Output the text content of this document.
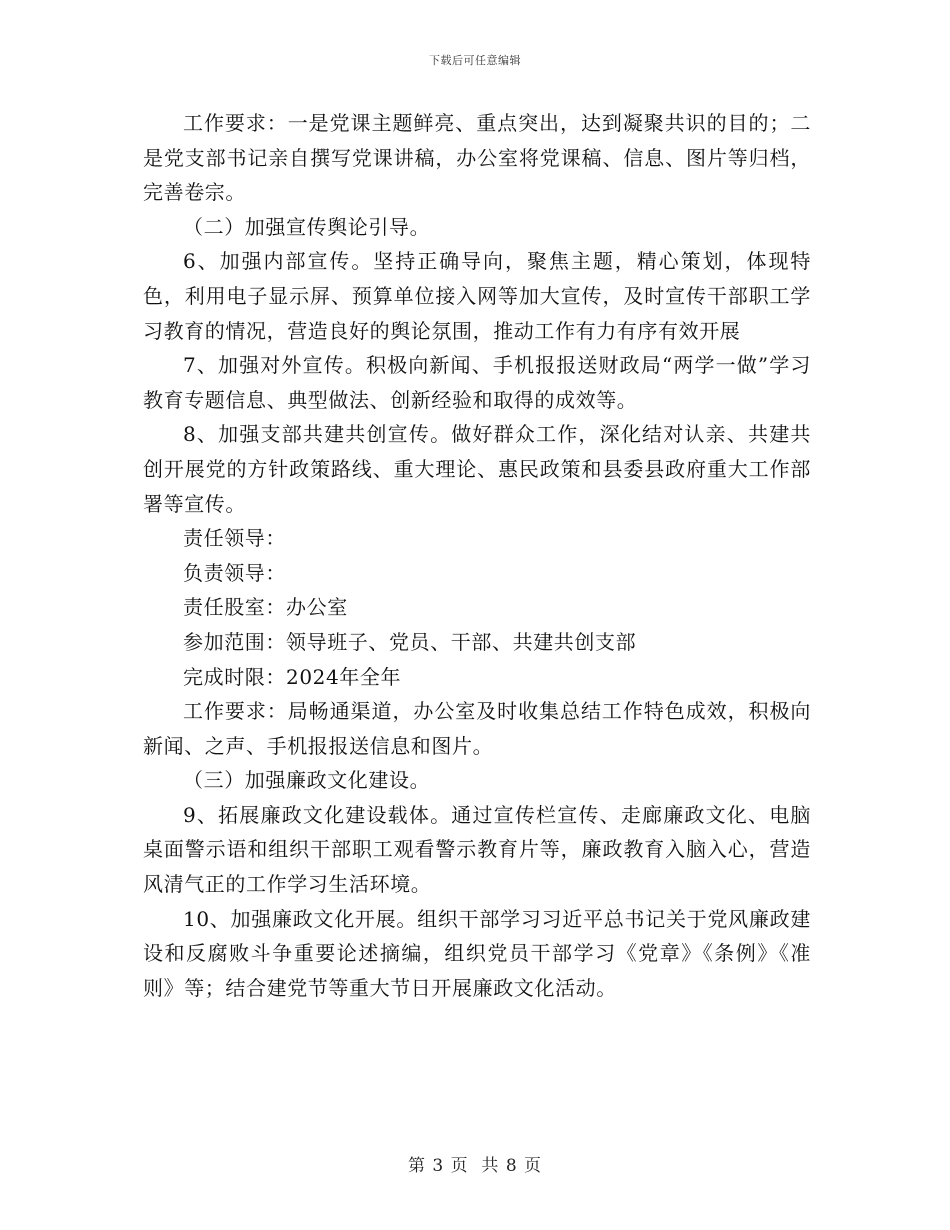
下载后可任意编辑

工作要求：一是党课主题鲜亮、重点突出，达到凝聚共识的目的；二是党支部书记亲自撰写党课讲稿，办公室将党课稿、信息、图片等归档，完善卷宗。

（二）加强宣传舆论引导。

6、加强内部宣传。坚持正确导向，聚焦主题，精心策划，体现特色，利用电子显示屏、预算单位接入网等加大宣传，及时宣传干部职工学习教育的情况，营造良好的舆论氛围，推动工作有力有序有效开展

7、加强对外宣传。积极向新闻、手机报报送财政局“两学一做”学习教育专题信息、典型做法、创新经验和取得的成效等。

8、加强支部共建共创宣传。做好群众工作，深化结对认亲、共建共创开展党的方针政策路线、重大理论、惠民政策和县委县政府重大工作部署等宣传。

责任领导：

负责领导：

责任股室：办公室

参加范围：领导班子、党员、干部、共建共创支部

完成时限：2024年全年

工作要求：局畅通渠道，办公室及时收集总结工作特色成效，积极向新闻、之声、手机报报送信息和图片。

（三）加强廉政文化建设。

9、拓展廉政文化建设载体。通过宣传栏宣传、走廊廉政文化、电脑桌面警示语和组织干部职工观看警示教育片等，廉政教育入脑入心，营造风清气正的工作学习生活环境。

10、加强廉政文化开展。组织干部学习习近平总书记关于党风廉政建设和反腐败斗争重要论述摘编，组织党员干部学习《党章》《条例》《准则》等；结合建党节等重大节日开展廉政文化活动。

第 3 页  共 8 页
